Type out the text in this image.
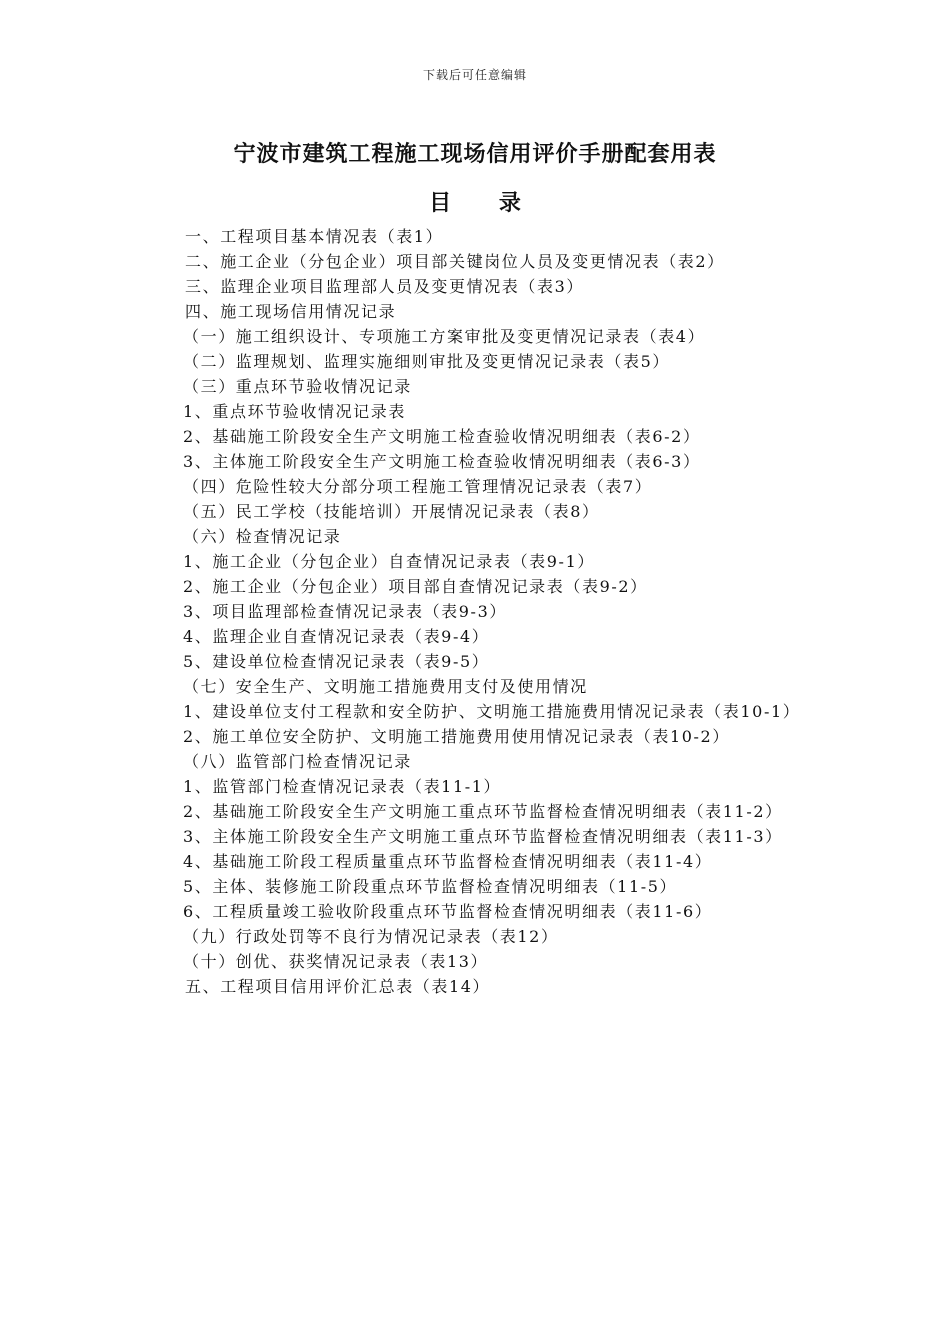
下载后可任意编辑
宁波市建筑工程施工现场信用评价手册配套用表
目 录
一、工程项目基本情况表（表1）
二、施工企业（分包企业）项目部关键岗位人员及变更情况表（表2）
三、监理企业项目监理部人员及变更情况表（表3）
四、施工现场信用情况记录
（一）施工组织设计、专项施工方案审批及变更情况记录表（表4）
（二）监理规划、监理实施细则审批及变更情况记录表（表5）
（三）重点环节验收情况记录
1、重点环节验收情况记录表
2、基础施工阶段安全生产文明施工检查验收情况明细表（表6-2）
3、主体施工阶段安全生产文明施工检查验收情况明细表（表6-3）
（四）危险性较大分部分项工程施工管理情况记录表（表7）
（五）民工学校（技能培训）开展情况记录表（表8）
（六）检查情况记录
1、施工企业（分包企业）自查情况记录表（表9-1）
2、施工企业（分包企业）项目部自查情况记录表（表9-2）
3、项目监理部检查情况记录表（表9-3）
4、监理企业自查情况记录表（表9-4）
5、建设单位检查情况记录表（表9-5）
（七）安全生产、文明施工措施费用支付及使用情况
1、建设单位支付工程款和安全防护、文明施工措施费用情况记录表（表10-1）
2、施工单位安全防护、文明施工措施费用使用情况记录表（表10-2）
（八）监管部门检查情况记录
1、监管部门检查情况记录表（表11-1）
2、基础施工阶段安全生产文明施工重点环节监督检查情况明细表（表11-2）
3、主体施工阶段安全生产文明施工重点环节监督检查情况明细表（表11-3）
4、基础施工阶段工程质量重点环节监督检查情况明细表（表11-4）
5、主体、装修施工阶段重点环节监督检查情况明细表（11-5）
6、工程质量竣工验收阶段重点环节监督检查情况明细表（表11-6）
（九）行政处罚等不良行为情况记录表（表12）
（十）创优、获奖情况记录表（表13）
五、工程项目信用评价汇总表（表14）
